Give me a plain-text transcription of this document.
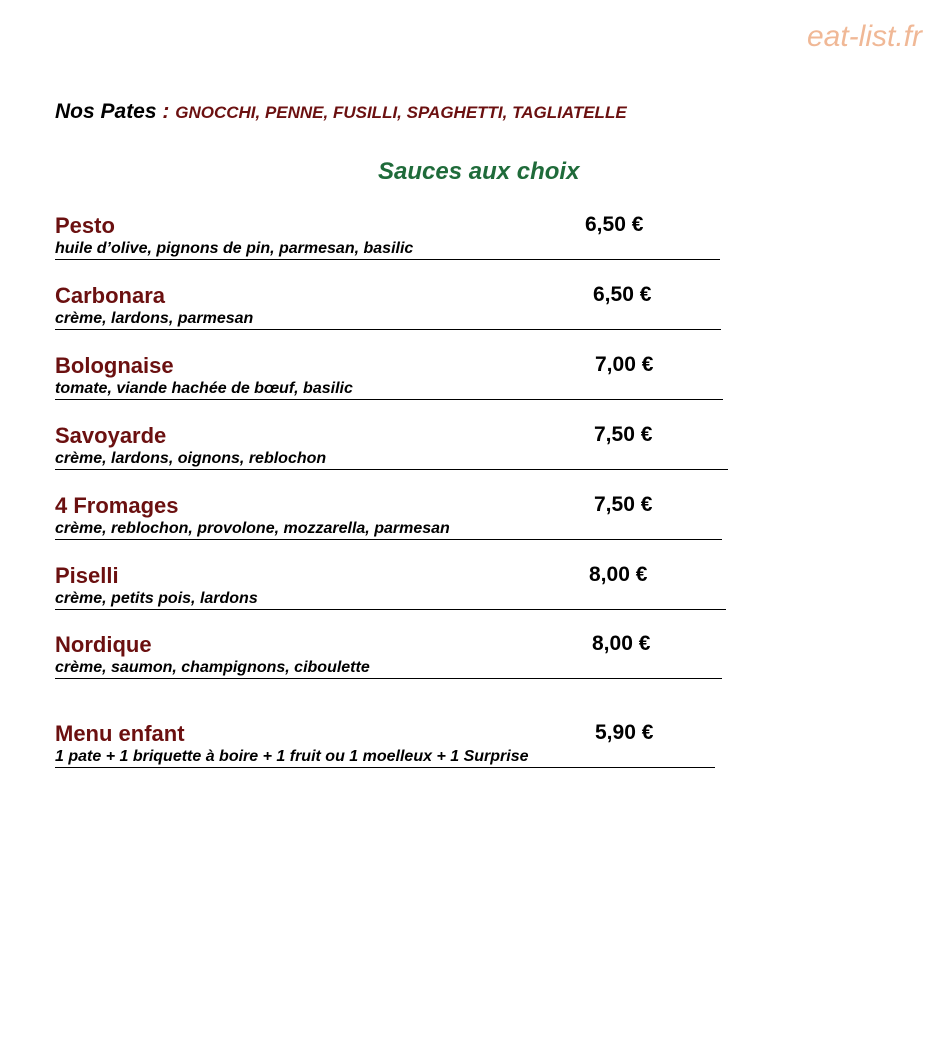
eat-list.fr
Nos Pates : GNOCCHI, PENNE, FUSILLI, SPAGHETTI, TAGLIATELLE
Sauces aux choix
Pesto	6,50 €
huile d’olive, pignons de pin, parmesan, basilic
Carbonara	6,50 €
crème, lardons, parmesan
Bolognaise	7,00 €
tomate, viande hachée de bœuf, basilic
Savoyarde	7,50 €
crème, lardons, oignons, reblochon
4 Fromages	7,50 €
crème, reblochon, provolone, mozzarella, parmesan
Piselli	8,00 €
crème, petits pois, lardons
Nordique	8,00 €
crème, saumon, champignons, ciboulette
Menu enfant	5,90 €
1 pate + 1 briquette à boire + 1 fruit ou 1 moelleux + 1 Surprise
